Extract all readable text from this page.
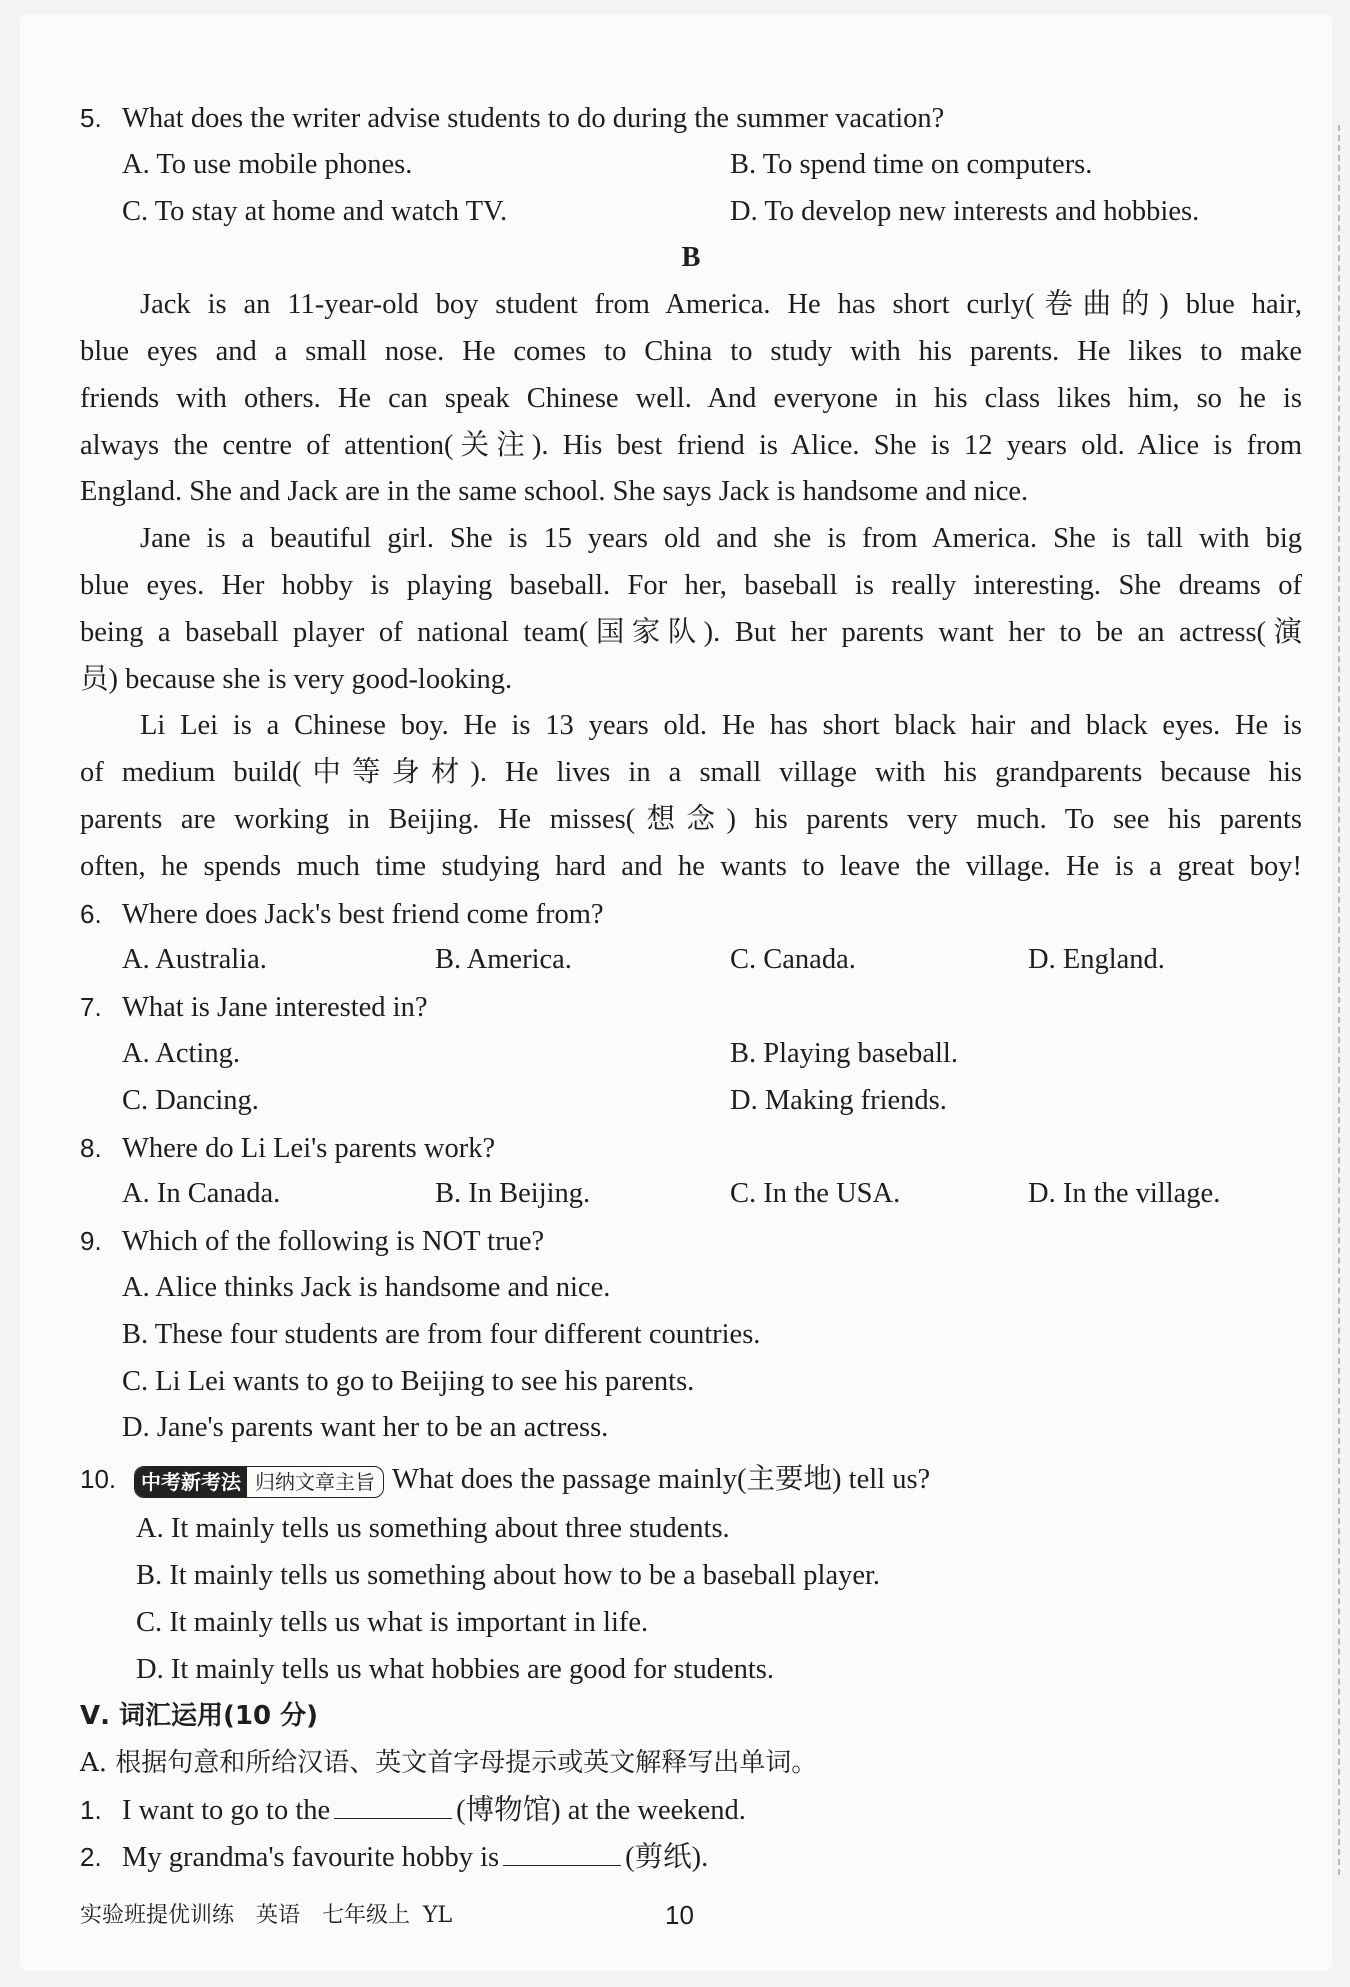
5. What does the writer advise students to do during the summer vacation?
A. To use mobile phones.	B. To spend time on computers.
C. To stay at home and watch TV.	D. To develop new interests and hobbies.
B
Jack is an 11-year-old boy student from America. He has short curly(卷曲的) blue hair,
blue eyes and a small nose. He comes to China to study with his parents. He likes to make
friends with others. He can speak Chinese well. And everyone in his class likes him, so he is
always the centre of attention(关注). His best friend is Alice. She is 12 years old. Alice is from
England. She and Jack are in the same school. She says Jack is handsome and nice.
Jane is a beautiful girl. She is 15 years old and she is from America. She is tall with big
blue eyes. Her hobby is playing baseball. For her, baseball is really interesting. She dreams of
being a baseball player of national team(国家队). But her parents want her to be an actress(演
员) because she is very good-looking.
Li Lei is a Chinese boy. He is 13 years old. He has short black hair and black eyes. He is
of medium build(中等身材). He lives in a small village with his grandparents because his
parents are working in Beijing. He misses(想念) his parents very much. To see his parents
often, he spends much time studying hard and he wants to leave the village. He is a great boy!
6. Where does Jack's best friend come from?
A. Australia.	B. America.	C. Canada.	D. England.
7. What is Jane interested in?
A. Acting.	B. Playing baseball.
C. Dancing.	D. Making friends.
8. Where do Li Lei's parents work?
A. In Canada.	B. In Beijing.	C. In the USA.	D. In the village.
9. Which of the following is NOT true?
A. Alice thinks Jack is handsome and nice.
B. These four students are from four different countries.
C. Li Lei wants to go to Beijing to see his parents.
D. Jane's parents want her to be an actress.
10.	中考新考法 归纳文章主旨 What does the passage mainly(主要地) tell us?
A. It mainly tells us something about three students.
B. It mainly tells us something about how to be a baseball player.
C. It mainly tells us what is important in life.
D. It mainly tells us what hobbies are good for students.
Ⅴ. 词汇运用(10 分)
A. 根据句意和所给汉语、英文首字母提示或英文解释写出单词。
1. I want to go to the	(博物馆) at the weekend.
2. My grandma's favourite hobby is	(剪纸).
实验班提优训练　英语　七年级上 YL	10
